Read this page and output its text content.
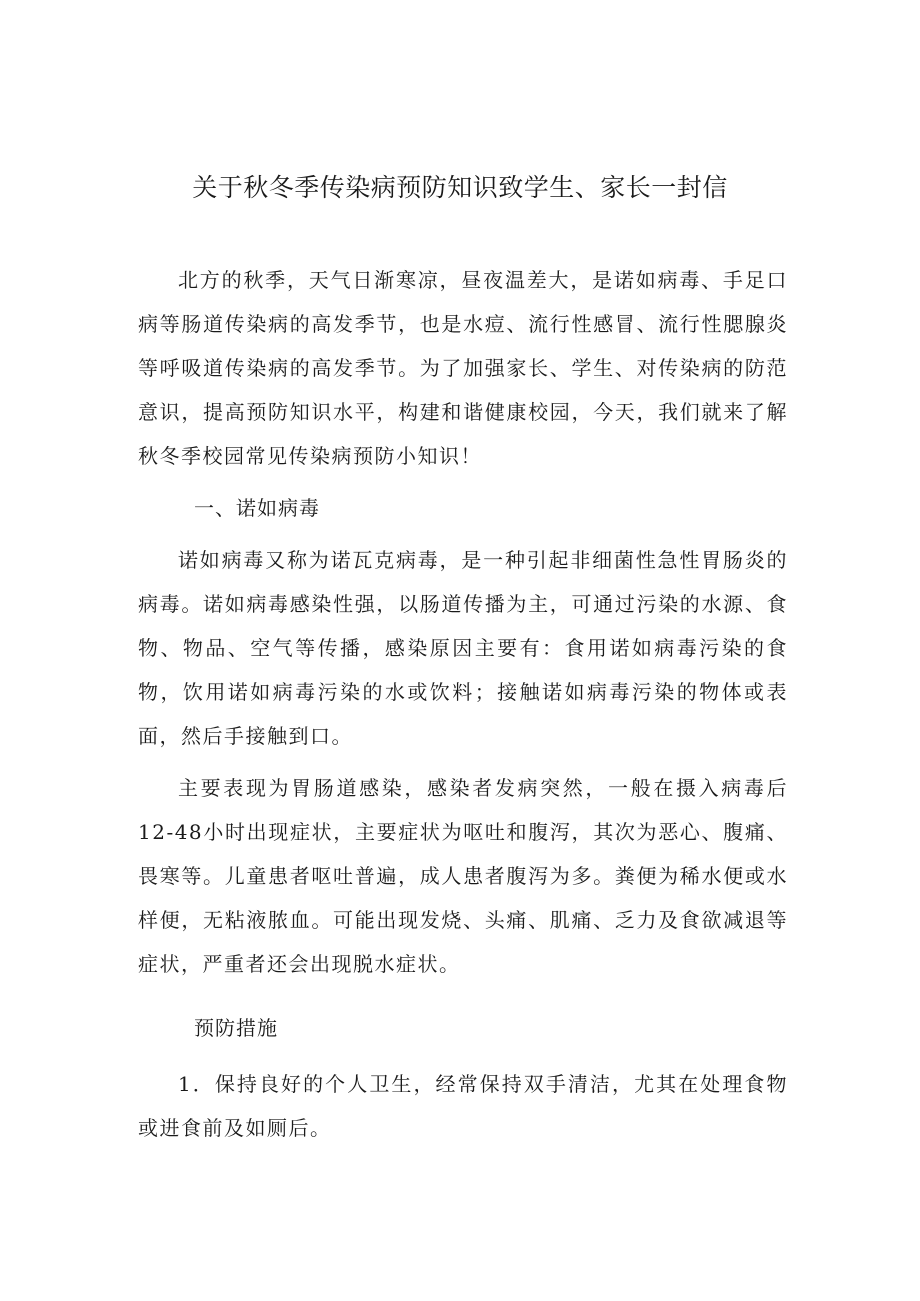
关于秋冬季传染病预防知识致学生、家长一封信

北方的秋季，天气日渐寒凉，昼夜温差大，是诺如病毒、手足口病等肠道传染病的高发季节，也是水痘、流行性感冒、流行性腮腺炎等呼吸道传染病的高发季节。为了加强家长、学生、对传染病的防范意识，提高预防知识水平，构建和谐健康校园，今天，我们就来了解秋冬季校园常见传染病预防小知识！

一、诺如病毒

诺如病毒又称为诺瓦克病毒，是一种引起非细菌性急性胃肠炎的病毒。诺如病毒感染性强，以肠道传播为主，可通过污染的水源、食物、物品、空气等传播，感染原因主要有：食用诺如病毒污染的食物，饮用诺如病毒污染的水或饮料；接触诺如病毒污染的物体或表面，然后手接触到口。

主要表现为胃肠道感染，感染者发病突然，一般在摄入病毒后12-48小时出现症状，主要症状为呕吐和腹泻，其次为恶心、腹痛、畏寒等。儿童患者呕吐普遍，成人患者腹泻为多。粪便为稀水便或水样便，无粘液脓血。可能出现发烧、头痛、肌痛、乏力及食欲减退等症状，严重者还会出现脱水症状。

预防措施

1．保持良好的个人卫生，经常保持双手清洁，尤其在处理食物或进食前及如厕后。
